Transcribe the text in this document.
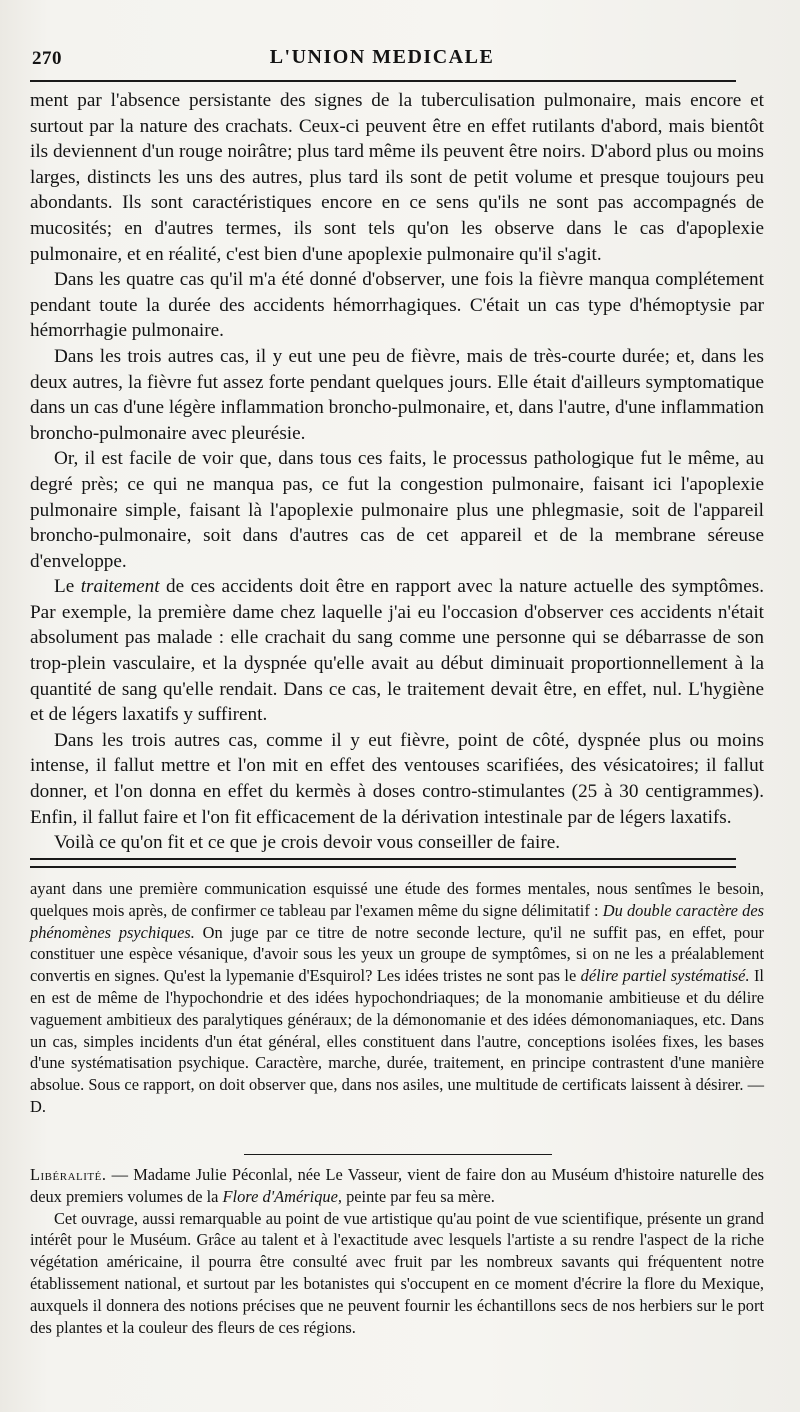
270	L'UNION MEDICALE

ment par l'absence persistante des signes de la tuberculisation pulmonaire, mais encore et surtout par la nature des crachats. Ceux-ci peuvent être en effet rutilants d'abord, mais bientôt ils deviennent d'un rouge noirâtre; plus tard même ils peuvent être noirs. D'abord plus ou moins larges, distincts les uns des autres, plus tard ils sont de petit volume et presque toujours peu abondants. Ils sont caractéristiques encore en ce sens qu'ils ne sont pas accompagnés de mucosités; en d'autres termes, ils sont tels qu'on les observe dans le cas d'apoplexie pulmonaire, et en réalité, c'est bien d'une apoplexie pulmonaire qu'il s'agit.

Dans les quatre cas qu'il m'a été donné d'observer, une fois la fièvre manqua complétement pendant toute la durée des accidents hémorrhagiques. C'était un cas type d'hémoptysie par hémorrhagie pulmonaire.

Dans les trois autres cas, il y eut une peu de fièvre, mais de très-courte durée; et, dans les deux autres, la fièvre fut assez forte pendant quelques jours. Elle était d'ailleurs symptomatique dans un cas d'une légère inflammation broncho-pulmonaire, et, dans l'autre, d'une inflammation broncho-pulmonaire avec pleurésie.

Or, il est facile de voir que, dans tous ces faits, le processus pathologique fut le même, au degré près; ce qui ne manqua pas, ce fut la congestion pulmonaire, faisant ici l'apoplexie pulmonaire simple, faisant là l'apoplexie pulmonaire plus une phlegmasie, soit de l'appareil broncho-pulmonaire, soit dans d'autres cas de cet appareil et de la membrane séreuse d'enveloppe.

Le traitement de ces accidents doit être en rapport avec la nature actuelle des symptômes. Par exemple, la première dame chez laquelle j'ai eu l'occasion d'observer ces accidents n'était absolument pas malade : elle crachait du sang comme une personne qui se débarrasse de son trop-plein vasculaire, et la dyspnée qu'elle avait au début diminuait proportionnellement à la quantité de sang qu'elle rendait. Dans ce cas, le traitement devait être, en effet, nul. L'hygiène et de légers laxatifs y suffirent.

Dans les trois autres cas, comme il y eut fièvre, point de côté, dyspnée plus ou moins intense, il fallut mettre et l'on mit en effet des ventouses scarifiées, des vésicatoires; il fallut donner, et l'on donna en effet du kermès à doses contro-stimulantes (25 à 30 centigrammes). Enfin, il fallut faire et l'on fit efficacement de la dérivation intestinale par de légers laxatifs.

Voilà ce qu'on fit et ce que je crois devoir vous conseiller de faire.

ayant dans une première communication esquissé une étude des formes mentales, nous sentîmes le besoin, quelques mois après, de confirmer ce tableau par l'examen même du signe délimitatif : Du double caractère des phénomènes psychiques. On juge par ce titre de notre seconde lecture, qu'il ne suffit pas, en effet, pour constituer une espèce vésanique, d'avoir sous les yeux un groupe de symptômes, si on ne les a préalablement convertis en signes. Qu'est la lypemanie d'Esquirol? Les idées tristes ne sont pas le délire partiel systématisé. Il en est de même de l'hypochondrie et des idées hypochondriaques; de la monomanie ambitieuse et du délire vaguement ambitieux des paralytiques généraux; de la démonomanie et des idées démonomaniaques, etc. Dans un cas, simples incidents d'un état général, elles constituent dans l'autre, conceptions isolées fixes, les bases d'une systématisation psychique. Caractère, marche, durée, traitement, en principe contrastent d'une manière absolue. Sous ce rapport, on doit observer que, dans nos asiles, une multitude de certificats laissent à désirer. — D.

Libéralité. — Madame Julie Péconlal, née Le Vasseur, vient de faire don au Muséum d'histoire naturelle des deux premiers volumes de la Flore d'Amérique, peinte par feu sa mère.

Cet ouvrage, aussi remarquable au point de vue artistique qu'au point de vue scientifique, présente un grand intérêt pour le Muséum. Grâce au talent et à l'exactitude avec lesquels l'artiste a su rendre l'aspect de la riche végétation américaine, il pourra être consulté avec fruit par les nombreux savants qui fréquentent notre établissement national, et surtout par les botanistes qui s'occupent en ce moment d'écrire la flore du Mexique, auxquels il donnera des notions précises que ne peuvent fournir les échantillons secs de nos herbiers sur le port des plantes et la couleur des fleurs de ces régions.
